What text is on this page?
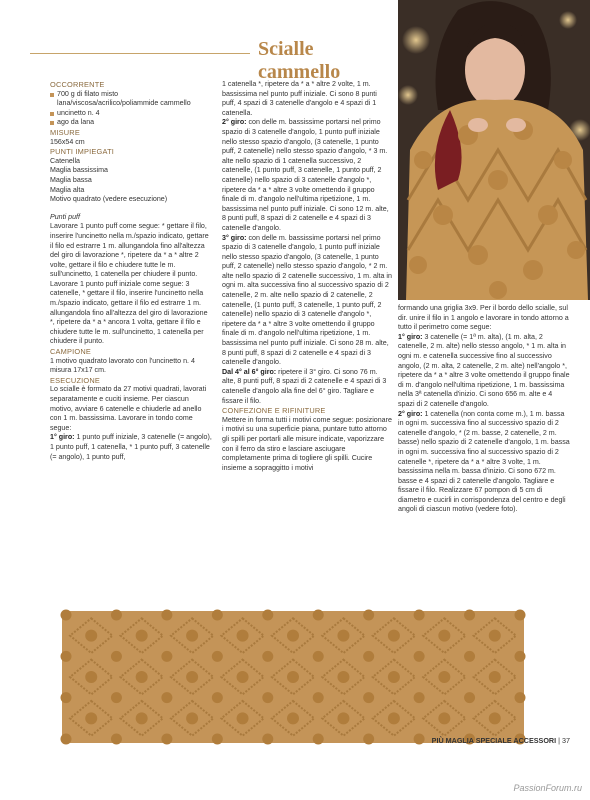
Scialle cammello

OCCORRENTE

700 g di filato misto lana/viscosa/acrilico/poliammide cammello
uncinetto n. 4
ago da lana

MISURE

156x54 cm

PUNTI IMPIEGATI

Catenella

Maglia bassissima

Maglia bassa

Maglia alta

Motivo quadrato (vedere esecuzione)

Punti puff

Lavorare 1 punto puff come segue: * gettare il filo, inserire l'uncinetto nella m./spazio indicato, gettare il filo ed estrarre 1 m. allungandola fino all'altezza del giro di lavorazione *, ripetere da * a * altre 2 volte, gettare il filo e chiudere tutte le m. sull'uncinetto, 1 catenella per chiudere il punto.

Lavorare 1 punto puff iniziale come segue: 3 catenelle, * gettare il filo, inserire l'uncinetto nella m./spazio indicato, gettare il filo ed estrarre 1 m. allungandola fino all'altezza del giro di lavorazione *, ripetere da * a * ancora 1 volta, gettare il filo e chiudere tutte le m. sull'uncinetto, 1 catenella per chiudere il punto.

CAMPIONE

1 motivo quadrato lavorato con l'uncinetto n. 4 misura 17x17 cm.

ESECUZIONE

Lo scialle è formato da 27 motivi quadrati, lavorati separatamente e cuciti insieme. Per ciascun motivo, avviare 6 catenelle e chiuderle ad anello con 1 m. bassissima. Lavorare in tondo come segue:

1° giro: 1 punto puff iniziale, 3 catenelle (= angolo), 1 punto puff, 1 catenella, * 1 punto puff, 3 catenelle (= angolo), 1 punto puff,

1 catenella *, ripetere da * a * altre 2 volte, 1 m. bassissima nel punto puff iniziale. Ci sono 8 punti puff, 4 spazi di 3 catenelle d'angolo e 4 spazi di 1 catenella.

2° giro: con delle m. bassissime portarsi nel primo spazio di 3 catenelle d'angolo, 1 punto puff iniziale nello stesso spazio d'angolo, (3 catenelle, 1 punto puff, 2 catenelle) nello stesso spazio d'angolo, * 3 m. alte nello spazio di 1 catenella successivo, 2 catenelle, (1 punto puff, 3 catenelle, 1 punto puff, 2 catenelle) nello spazio di 3 catenelle d'angolo *, ripetere da * a * altre 3 volte omettendo il gruppo finale di m. d'angolo nell'ultima ripetizione, 1 m. bassissima nel punto puff iniziale. Ci sono 12 m. alte, 8 punti puff, 8 spazi di 2 catenelle e 4 spazi di 3 catenelle d'angolo.

3° giro: con delle m. bassissime portarsi nel primo spazio di 3 catenelle d'angolo, 1 punto puff iniziale nello stesso spazio d'angolo, (3 catenelle, 1 punto puff, 2 catenelle) nello stesso spazio d'angolo, * 2 m. alte nello spazio di 2 catenelle successivo, 1 m. alta in ogni m. alta successiva fino al successivo spazio di 2 catenelle, 2 m. alte nello spazio di 2 catenelle, 2 catenelle, (1 punto puff, 3 catenelle, 1 punto puff, 2 catenelle) nello spazio di 3 catenelle d'angolo *, ripetere da * a * altre 3 volte omettendo il gruppo finale di m. d'angolo nell'ultima ripetizione, 1 m. bassissima nel punto puff iniziale. Ci sono 28 m. alte, 8 punti puff, 8 spazi di 2 catenelle e 4 spazi di 3 catenelle d'angolo.

Dal 4° al 6° giro: ripetere il 3° giro. Ci sono 76 m. alte, 8 punti puff, 8 spazi di 2 catenelle e 4 spazi di 3 catenelle d'angolo alla fine del 6° giro. Tagliare e fissare il filo.

CONFEZIONE E RIFINITURE

Mettere in forma tutti i motivi come segue: posizionare i motivi su una superficie piana, puntare tutto attorno gli spilli per portarli alle misure indicate, vaporizzare con il ferro da stiro e lasciare asciugare completamente prima di togliere gli spilli. Cucire insieme a sopraggitto i motivi

formando una griglia 3x9. Per il bordo dello scialle, sul dir. unire il filo in 1 angolo e lavorare in tondo attorno a tutto il perimetro come segue:

1° giro: 3 catenelle (= 1ª m. alta), (1 m. alta, 2 catenelle, 2 m. alte) nello stesso angolo, * 1 m. alta in ogni m. e catenella successive fino al successivo angolo, (2 m. alta, 2 catenelle, 2 m. alte) nell'angolo *, ripetere da * a * altre 3 volte omettendo il gruppo finale di m. d'angolo nell'ultima ripetizione, 1 m. bassissima nella 3ª catenella d'inizio. Ci sono 656 m. alte e 4 spazi di 2 catenelle d'angolo.

2° giro: 1 catenella (non conta come m.), 1 m. bassa in ogni m. successiva fino al successivo spazio di 2 catenelle d'angolo, * (2 m. basse, 2 catenelle, 2 m. basse) nello spazio di 2 catenelle d'angolo, 1 m. bassa in ogni m. successiva fino al successivo spazio di 2 catenelle *, ripetere da * a * altre 3 volte, 1 m. bassissima nella m. bassa d'inizio. Ci sono 672 m. basse e 4 spazi di 2 catenelle d'angolo. Tagliare e fissare il filo. Realizzare 67 pompon di 5 cm di diametro e cucirli in corrispondenza del centro e degli angoli di ciascun motivo (vedere foto).

PIÙ MAGLIA SPECIALE ACCESSORI | 37
PassionForum.ru
